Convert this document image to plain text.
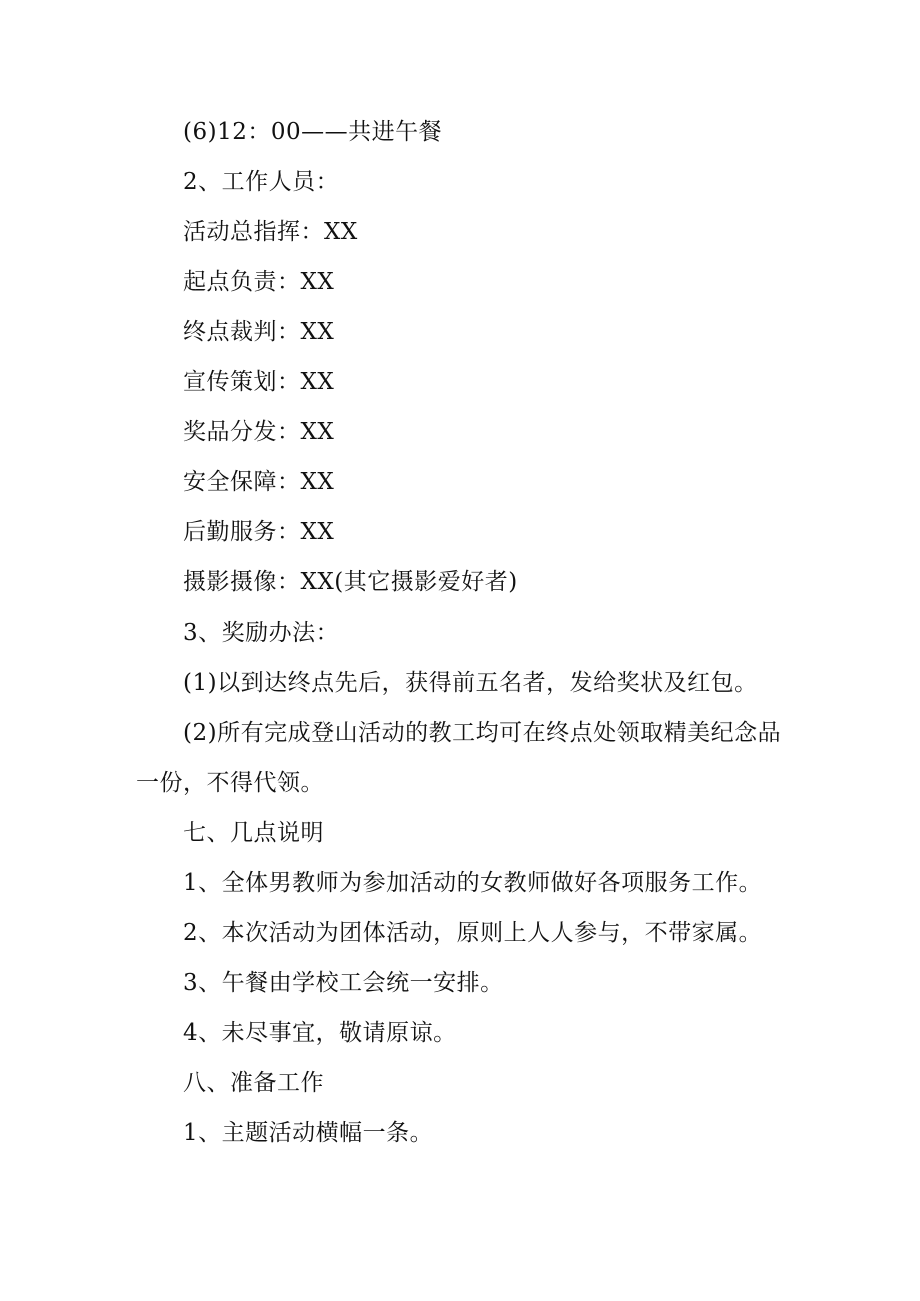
(6)12：00——共进午餐
2、工作人员：
活动总指挥：XX
起点负责：XX
终点裁判：XX
宣传策划：XX
奖品分发：XX
安全保障：XX
后勤服务：XX
摄影摄像：XX(其它摄影爱好者)
3、奖励办法：
(1)以到达终点先后，获得前五名者，发给奖状及红包。
(2)所有完成登山活动的教工均可在终点处领取精美纪念品
一份，不得代领。
七、几点说明
1、全体男教师为参加活动的女教师做好各项服务工作。
2、本次活动为团体活动，原则上人人参与，不带家属。
3、午餐由学校工会统一安排。
4、未尽事宜，敬请原谅。
八、准备工作
1、主题活动横幅一条。
